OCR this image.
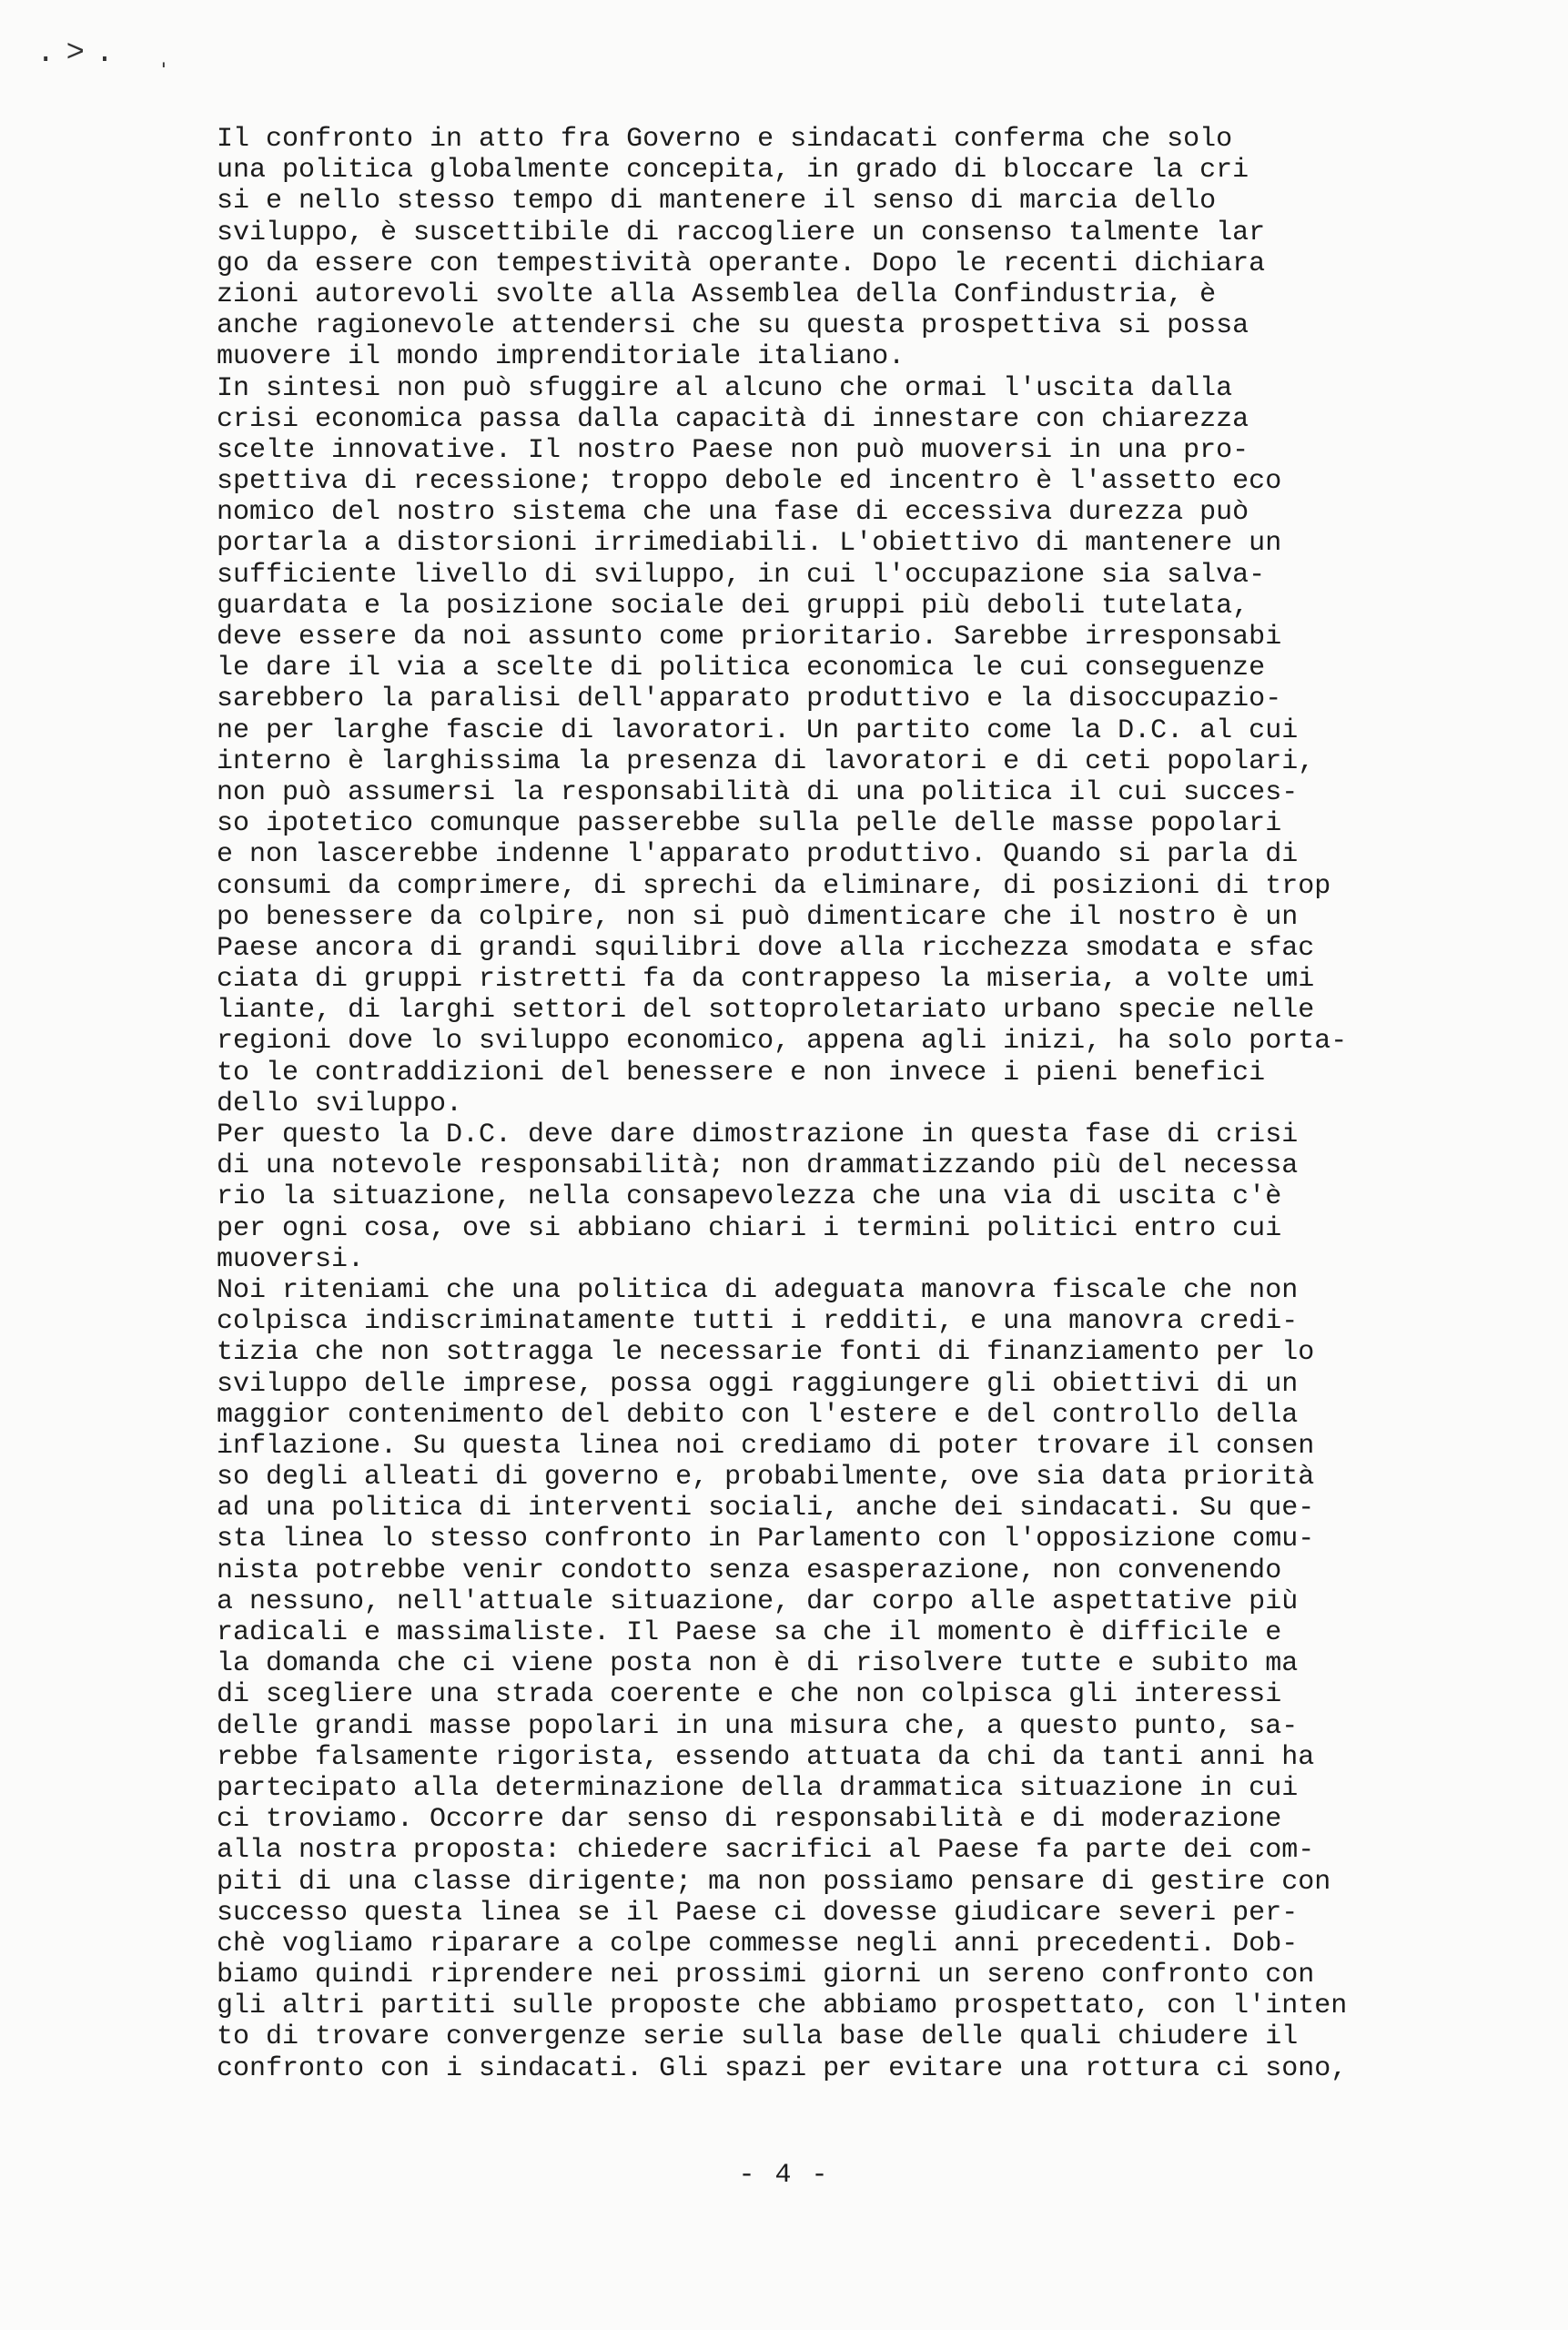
.˃. ˌ
Il confronto in atto fra Governo e sindacati conferma che solo
una politica globalmente concepita, in grado di bloccare la cri
si e nello stesso tempo di mantenere il senso di marcia dello
sviluppo, è suscettibile di raccogliere un consenso talmente lar
go da essere con tempestività operante. Dopo le recenti dichiara
zioni autorevoli svolte alla Assemblea della Confindustria, è
anche ragionevole attendersi che su questa prospettiva si possa
muovere il mondo imprenditoriale italiano.
In sintesi non può sfuggire al alcuno che ormai l'uscita dalla
crisi economica passa dalla capacità di innestare con chiarezza
scelte innovative. Il nostro Paese non può muoversi in una pro-
spettiva di recessione; troppo debole ed incentro è l'assetto eco
nomico del nostro sistema che una fase di eccessiva durezza può
portarla a distorsioni irrimediabili. L'obiettivo di mantenere un
sufficiente livello di sviluppo, in cui l'occupazione sia salva-
guardata e la posizione sociale dei gruppi più deboli tutelata,
deve essere da noi assunto come prioritario. Sarebbe irresponsabi
le dare il via a scelte di politica economica le cui conseguenze
sarebbero la paralisi dell'apparato produttivo e la disoccupazio-
ne per larghe fascie di lavoratori. Un partito come la D.C. al cui
interno è larghissima la presenza di lavoratori e di ceti popolari,
non può assumersi la responsabilità di una politica il cui succes-
so ipotetico comunque passerebbe sulla pelle delle masse popolari
e non lascerebbe indenne l'apparato produttivo. Quando si parla di
consumi da comprimere, di sprechi da eliminare, di posizioni di trop
po benessere da colpire, non si può dimenticare che il nostro è un
Paese ancora di grandi squilibri dove alla ricchezza smodata e sfac
ciata di gruppi ristretti fa da contrappeso la miseria, a volte umi
liante, di larghi settori del sottoproletariato urbano specie nelle
regioni dove lo sviluppo economico, appena agli inizi, ha solo porta-
to le contraddizioni del benessere e non invece i pieni benefici
dello sviluppo.
Per questo la D.C. deve dare dimostrazione in questa fase di crisi
di una notevole responsabilità; non drammatizzando più del necessa
rio la situazione, nella consapevolezza che una via di uscita c'è
per ogni cosa, ove si abbiano chiari i termini politici entro cui
muoversi.
Noi riteniami che una politica di adeguata manovra fiscale che non
colpisca indiscriminatamente tutti i redditi, e una manovra credi-
tizia che non sottragga le necessarie fonti di finanziamento per lo
sviluppo delle imprese, possa oggi raggiungere gli obiettivi di un
maggior contenimento del debito con l'estere e del controllo della
inflazione. Su questa linea noi crediamo di poter trovare il consen
so degli alleati di governo e, probabilmente, ove sia data priorità
ad una politica di interventi sociali, anche dei sindacati. Su que-
sta linea lo stesso confronto in Parlamento con l'opposizione comu-
nista potrebbe venir condotto senza esasperazione, non convenendo
a nessuno, nell'attuale situazione, dar corpo alle aspettative più
radicali e massimaliste. Il Paese sa che il momento è difficile e
la domanda che ci viene posta non è di risolvere tutte e subito ma
di scegliere una strada coerente e che non colpisca gli interessi
delle grandi masse popolari in una misura che, a questo punto, sa-
rebbe falsamente rigorista, essendo attuata da chi da tanti anni ha
partecipato alla determinazione della drammatica situazione in cui
ci troviamo. Occorre dar senso di responsabilità e di moderazione
alla nostra proposta: chiedere sacrifici al Paese fa parte dei com-
piti di una classe dirigente; ma non possiamo pensare di gestire con
successo questa linea se il Paese ci dovesse giudicare severi per-
chè vogliamo riparare a colpe commesse negli anni precedenti. Dob-
biamo quindi riprendere nei prossimi giorni un sereno confronto con
gli altri partiti sulle proposte che abbiamo prospettato, con l'inten
to di trovare convergenze serie sulla base delle quali chiudere il
confronto con i sindacati. Gli spazi per evitare una rottura ci sono,
- 4 -
